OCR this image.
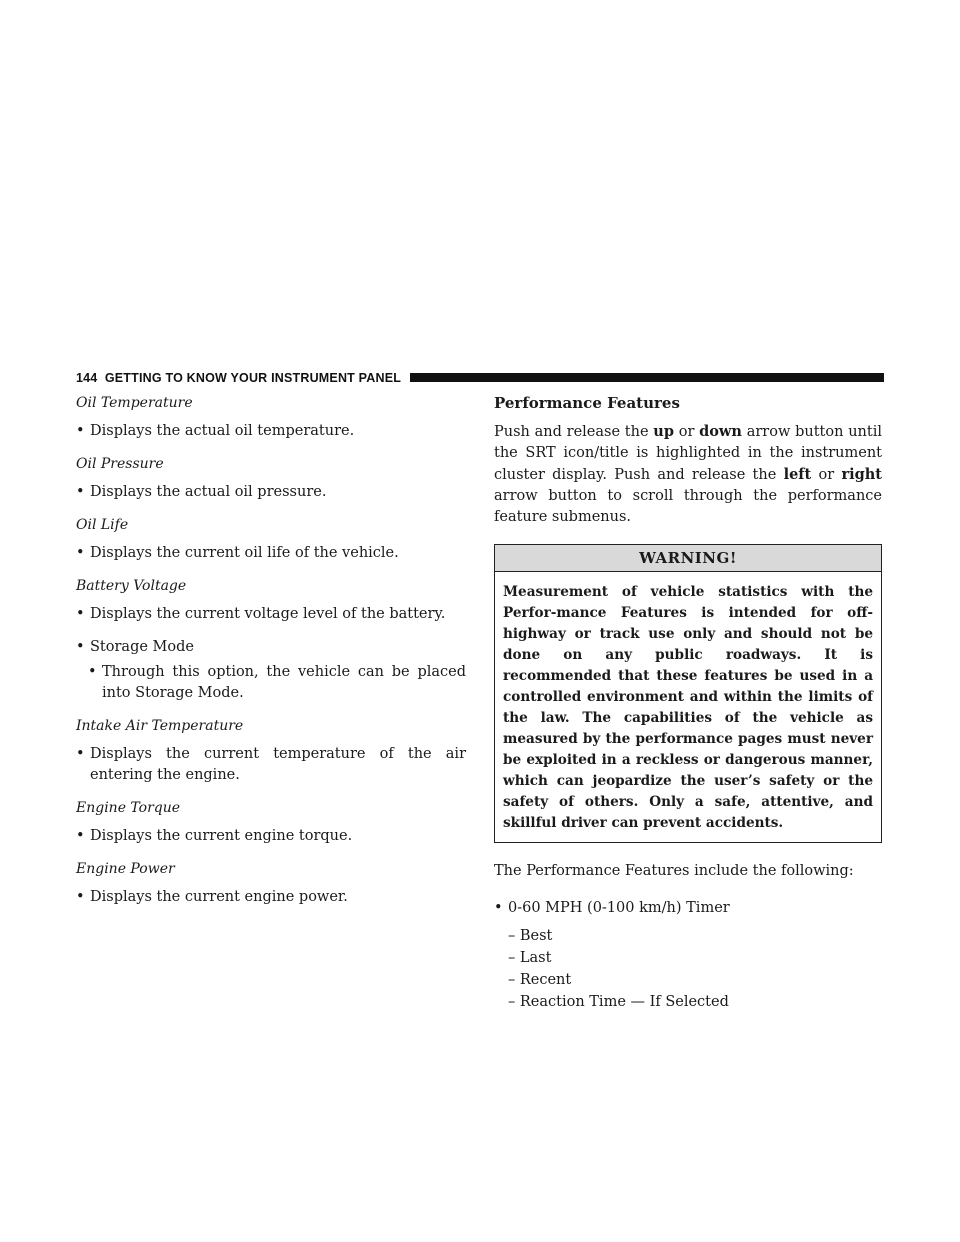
144 GETTING TO KNOW YOUR INSTRUMENT PANEL
Oil Temperature
• Displays the actual oil temperature.
Oil Pressure
• Displays the actual oil pressure.
Oil Life
• Displays the current oil life of the vehicle.
Battery Voltage
• Displays the current voltage level of the battery.
• Storage Mode
• Through this option, the vehicle can be placed into Storage Mode.
Intake Air Temperature
• Displays the current temperature of the air entering the engine.
Engine Torque
• Displays the current engine torque.
Engine Power
• Displays the current engine power.
Performance Features
Push and release the up or down arrow button until the SRT icon/title is highlighted in the instrument cluster display. Push and release the left or right arrow button to scroll through the performance feature submenus.
WARNING!
Measurement of vehicle statistics with the Perfor-mance Features is intended for off-highway or track use only and should not be done on any public roadways. It is recommended that these features be used in a controlled environment and within the limits of the law. The capabilities of the vehicle as measured by the performance pages must never be exploited in a reckless or dangerous manner, which can jeopardize the user’s safety or the safety of others. Only a safe, attentive, and skillful driver can prevent accidents.
The Performance Features include the following:
• 0-60 MPH (0-100 km/h) Timer
– Best
– Last
– Recent
– Reaction Time — If Selected
